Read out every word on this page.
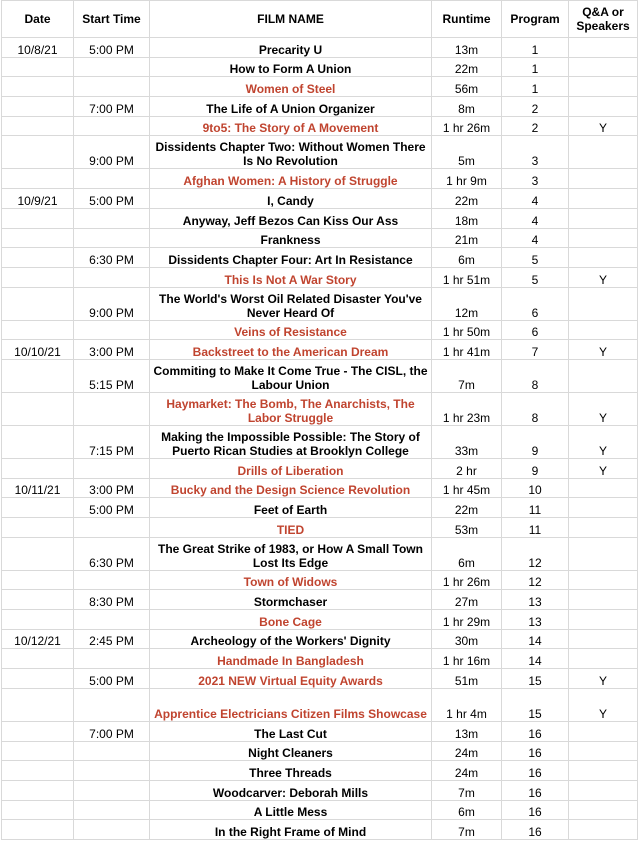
Date	Start Time	FILM NAME	Runtime	Program	Q&A or Speakers
10/8/21	5:00 PM	Precarity U	13m	1	
		How to Form A Union	22m	1	
		Women of Steel	56m	1	
	7:00 PM	The Life of A Union Organizer	8m	2	
		9to5: The Story of A Movement	1 hr 26m	2	Y
	9:00 PM	Dissidents Chapter Two: Without Women There Is No Revolution	5m	3	
		Afghan Women: A History of Struggle	1 hr 9m	3	
10/9/21	5:00 PM	I, Candy	22m	4	
		Anyway, Jeff Bezos Can Kiss Our Ass	18m	4	
		Frankness	21m	4	
	6:30 PM	Dissidents Chapter Four: Art In Resistance	6m	5	
		This Is Not A War Story	1 hr 51m	5	Y
	9:00 PM	The World's Worst Oil Related Disaster You've Never Heard Of	12m	6	
		Veins of Resistance	1 hr 50m	6	
10/10/21	3:00 PM	Backstreet to the American Dream	1 hr 41m	7	Y
	5:15 PM	Commiting to Make It Come True - The CISL, the Labour Union	7m	8	
		Haymarket: The Bomb, The Anarchists, The Labor Struggle	1 hr 23m	8	Y
	7:15 PM	Making the Impossible Possible: The Story of Puerto Rican Studies at Brooklyn College	33m	9	Y
		Drills of Liberation	2 hr	9	Y
10/11/21	3:00 PM	Bucky and the Design Science Revolution	1 hr 45m	10	
	5:00 PM	Feet of Earth	22m	11	
		TIED	53m	11	
	6:30 PM	The Great Strike of 1983, or How A Small Town Lost Its Edge	6m	12	
		Town of Widows	1 hr 26m	12	
	8:30 PM	Stormchaser	27m	13	
		Bone Cage	1 hr 29m	13	
10/12/21	2:45 PM	Archeology of the Workers' Dignity	30m	14	
		Handmade In Bangladesh	1 hr 16m	14	
	5:00 PM	2021 NEW Virtual Equity Awards	51m	15	Y
		Apprentice Electricians Citizen Films Showcase	1 hr 4m	15	Y
	7:00 PM	The Last Cut	13m	16	
		Night Cleaners	24m	16	
		Three Threads	24m	16	
		Woodcarver: Deborah Mills	7m	16	
		A Little Mess	6m	16	
		In the Right Frame of Mind	7m	16	
